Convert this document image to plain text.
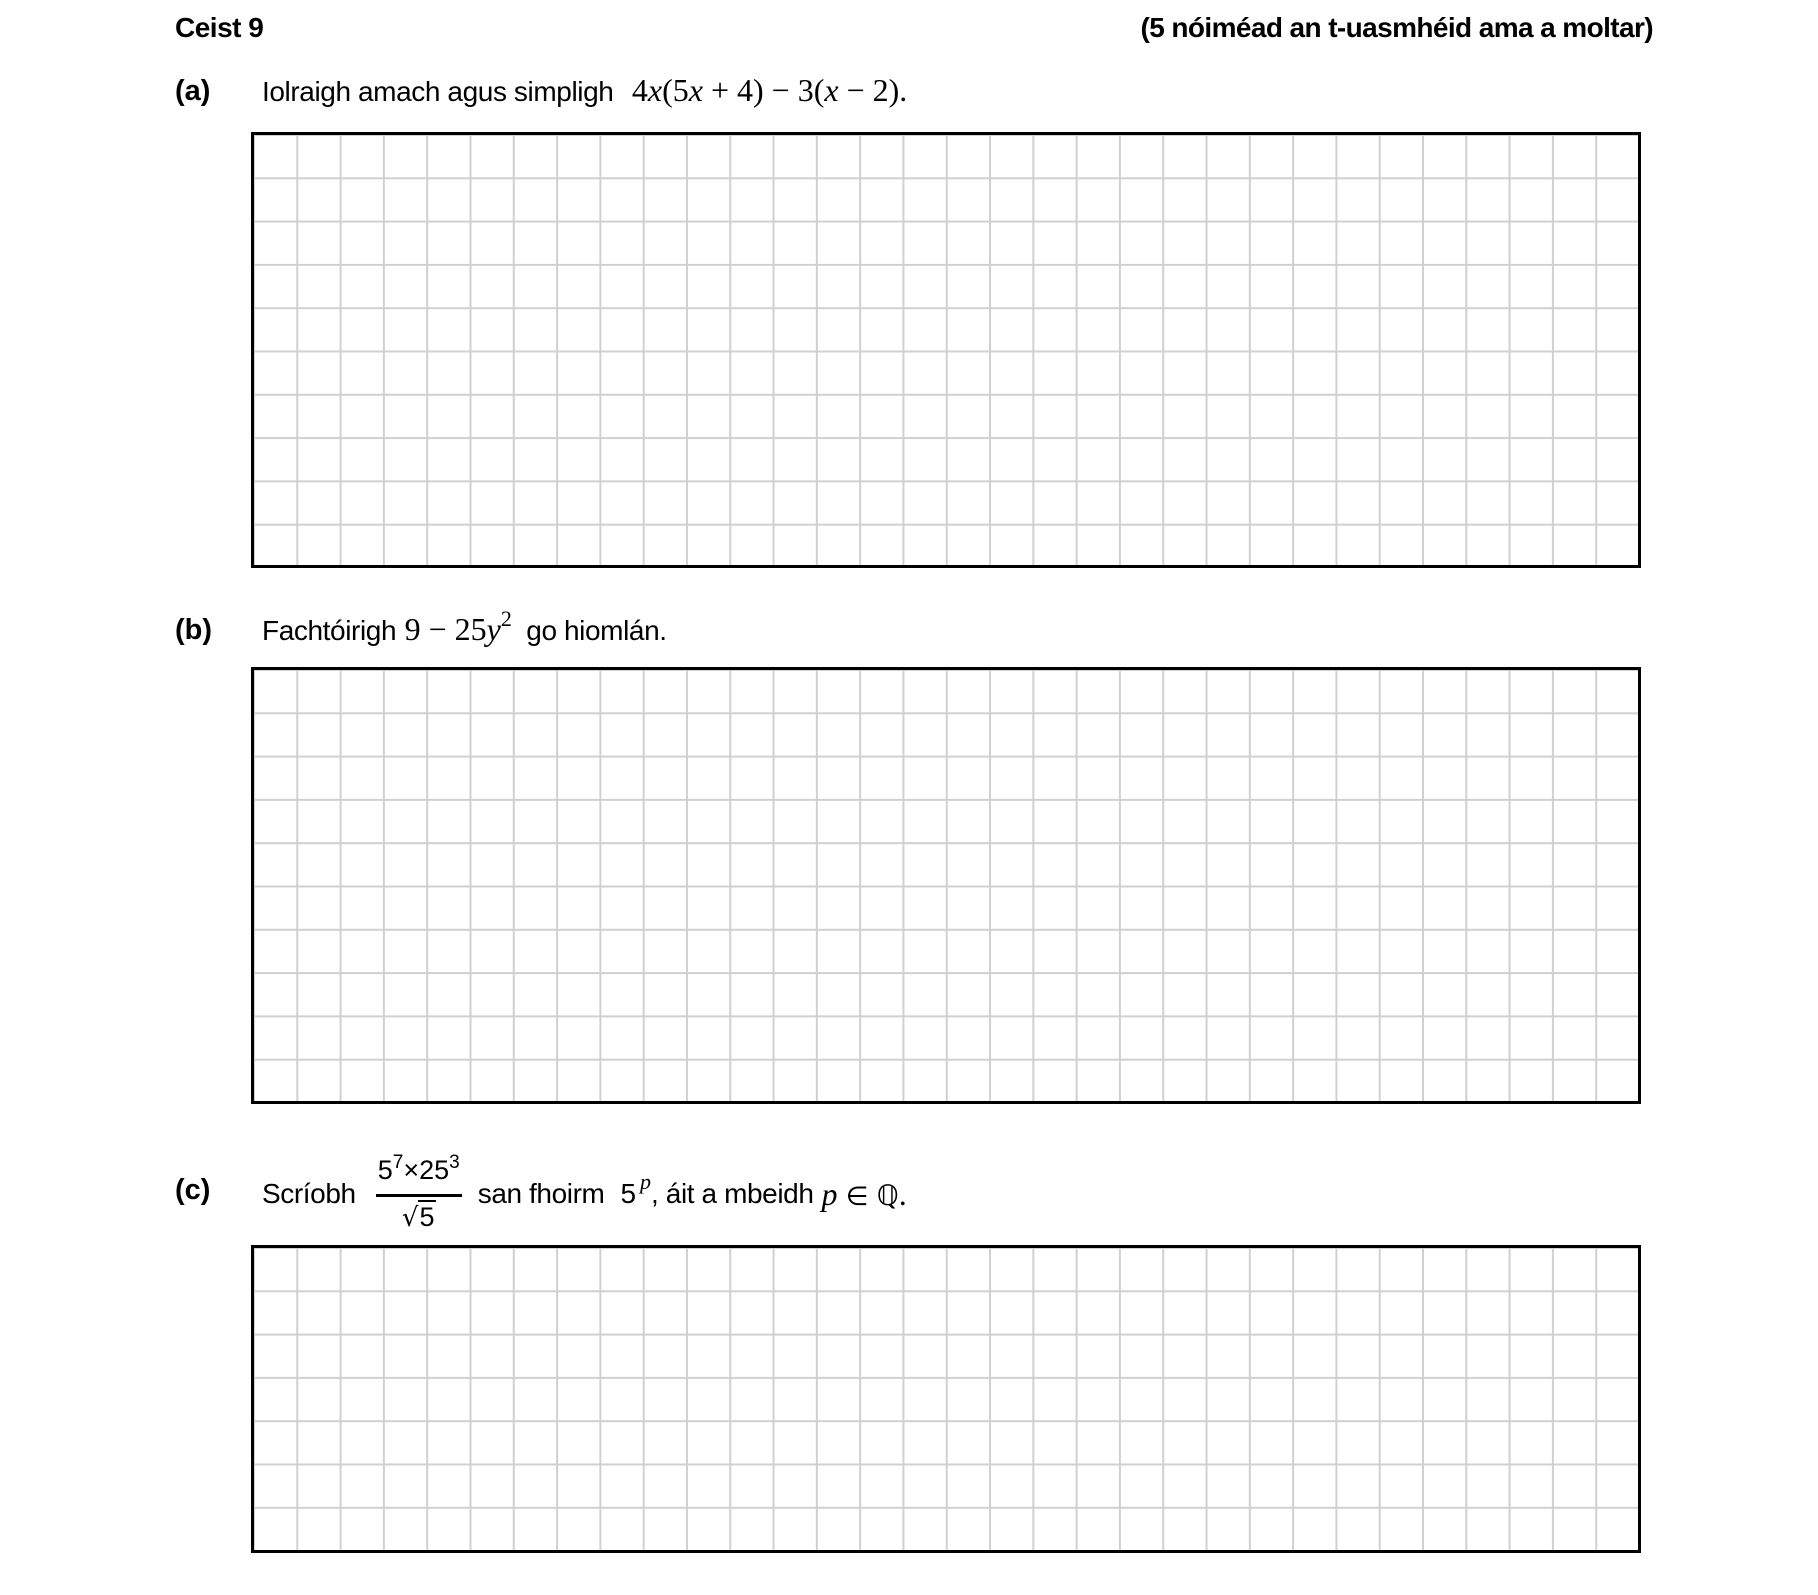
Ceist 9	(5 nóiméad an t-uasmhéid ama a moltar)
(a) Iolraigh amach agus simpligh 4x(5x + 4) − 3(x − 2).
(b) Fachtóirigh $9 - 25y^2$ go hiomlán.
(c) Scríobh $\frac{5^7\times 25^3}{√5}$ san fhoirm 5 $^p$ , áit a mbeidh p ∈ ℚ.
